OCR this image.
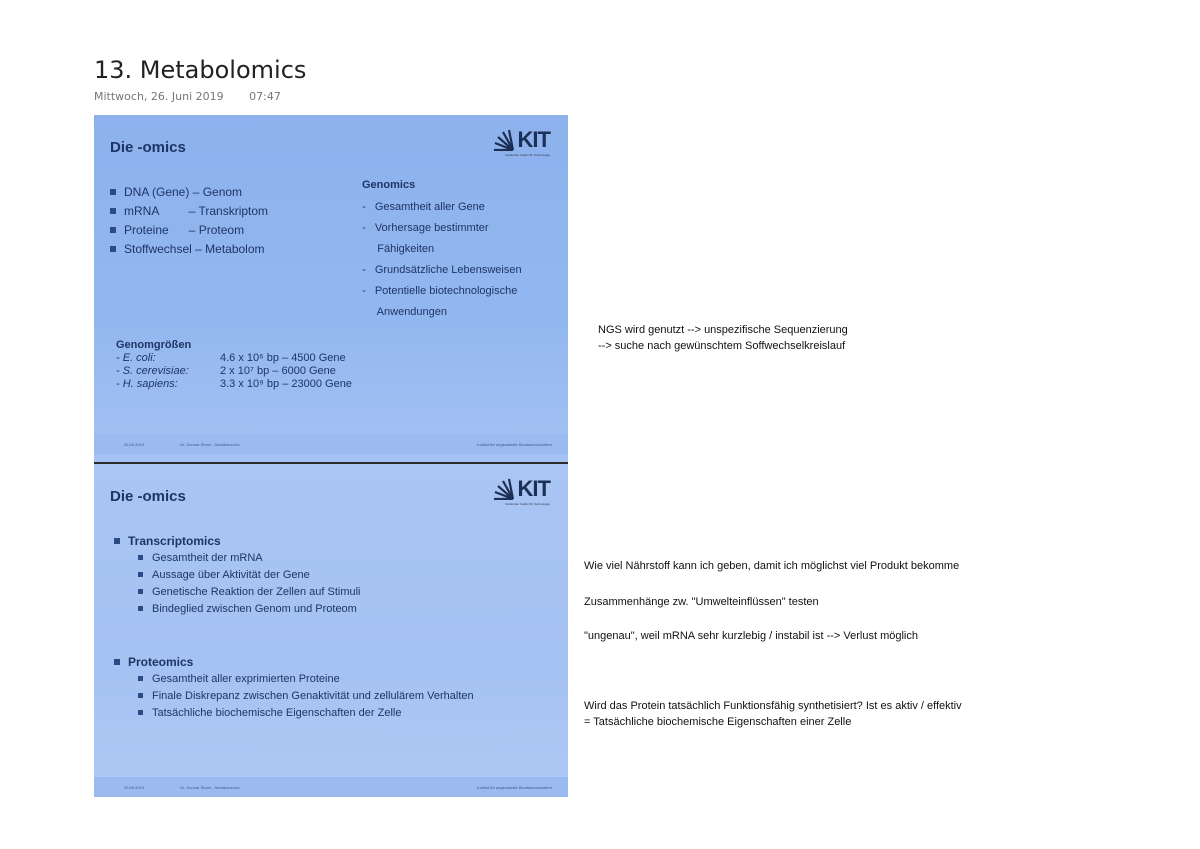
13. Metabolomics
Mittwoch, 26. Juni 2019 07:47
Die -omics	KIT
Karlsruher Institut für Technologie
DNA (Gene) – Genom
mRNA         – Transkriptom
Proteine      – Proteom
Stoffwechsel – Metabolom
Genomics
-   Gesamtheit aller Gene
-   Vorhersage bestimmter
Fähigkeiten
-   Grundsätzliche Lebensweisen
-   Potentielle biotechnologische
Anwendungen
Genomgrößen
- E. coli:	4.6 x 10⁶ bp – 4500 Gene
- S. cerevisiae:	2 x 10⁷ bp – 6000 Gene
- H. sapiens:	3.3 x 10⁹ bp – 23000 Gene
26.06.2019	Dr. Gunnar Sturm - Metabolomics	Institut für angewandte Biowissenschaften
Die -omics	KIT
Karlsruher Institut für Technologie
Transcriptomics
Gesamtheit der mRNA
Aussage über Aktivität der Gene
Genetische Reaktion der Zellen auf Stimuli
Bindeglied zwischen Genom und Proteom
Proteomics
Gesamtheit aller exprimierten Proteine
Finale Diskrepanz zwischen Genaktivität und zellulärem Verhalten
Tatsächliche biochemische Eigenschaften der Zelle
26.06.2019	Dr. Gunnar Sturm - Metabolomics	Institut für angewandte Biowissenschaften
NGS wird genutzt --> unspezifische Sequenzierung
--> suche nach gewünschtem Soffwechselkreislauf
Wie viel Nährstoff kann ich geben, damit ich möglichst viel Produkt bekomme
Zusammenhänge zw. "Umwelteinflüssen" testen
"ungenau", weil mRNA sehr kurzlebig / instabil ist --> Verlust möglich
Wird das Protein tatsächlich Funktionsfähig synthetisiert? Ist es aktiv / effektiv
= Tatsächliche biochemische Eigenschaften einer Zelle
